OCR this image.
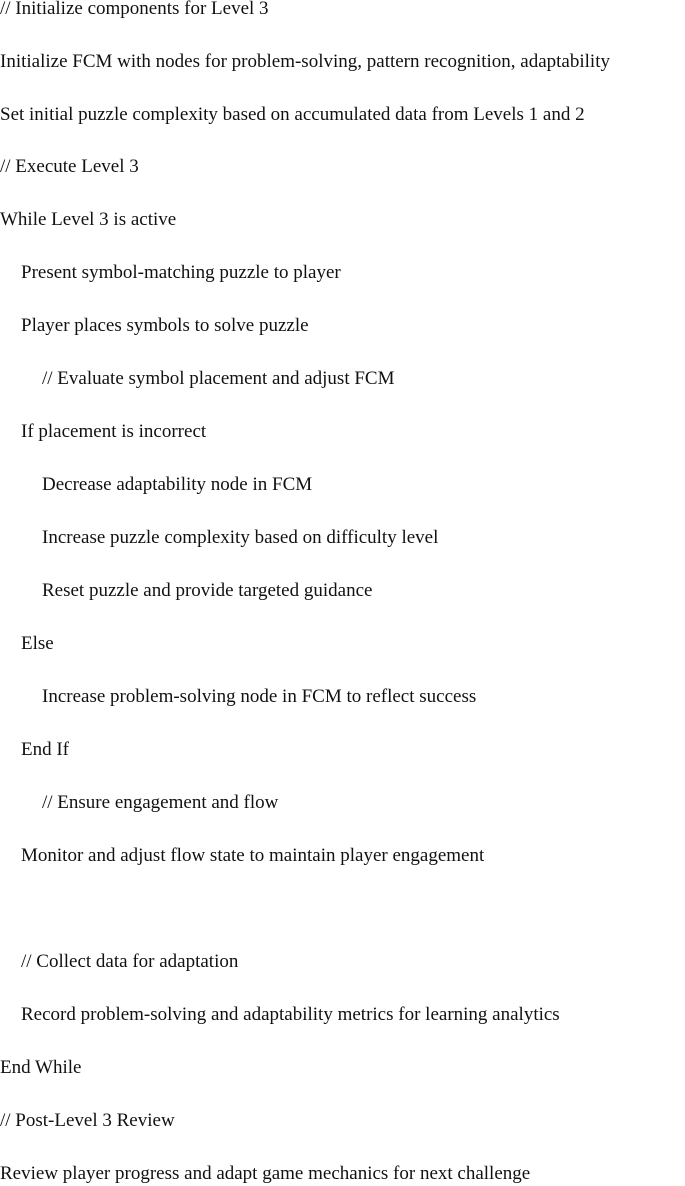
// Initialize components for Level 3
Initialize FCM with nodes for problem-solving, pattern recognition, adaptability
Set initial puzzle complexity based on accumulated data from Levels 1 and 2
// Execute Level 3
While Level 3 is active
Present symbol-matching puzzle to player
Player places symbols to solve puzzle
// Evaluate symbol placement and adjust FCM
If placement is incorrect
Decrease adaptability node in FCM
Increase puzzle complexity based on difficulty level
Reset puzzle and provide targeted guidance
Else
Increase problem-solving node in FCM to reflect success
End If
// Ensure engagement and flow
Monitor and adjust flow state to maintain player engagement
// Collect data for adaptation
Record problem-solving and adaptability metrics for learning analytics
End While
// Post-Level 3 Review
Review player progress and adapt game mechanics for next challenge
